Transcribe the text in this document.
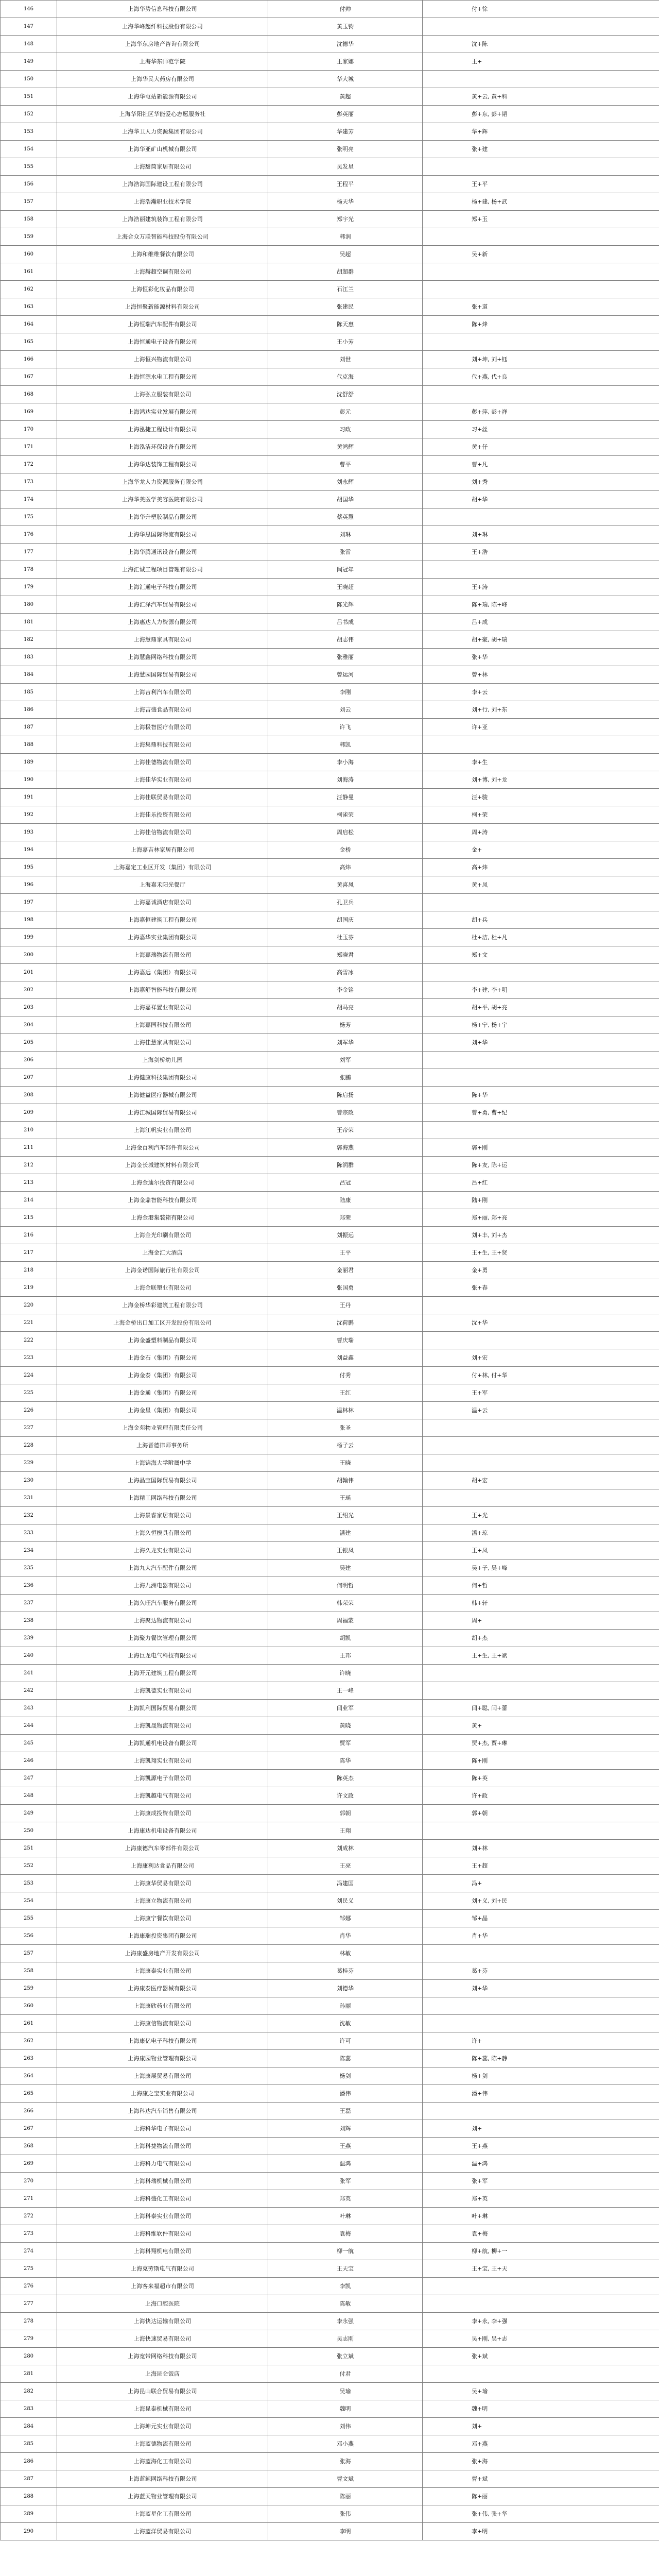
146	上海华势信息科技有限公司	付帅	付+徐
147	上海华峰超纤科技股份有限公司	黄玉钧	
148	上海华东房地产咨询有限公司	沈德华	沈+陈
149	上海华东师范学院	王家娜	王+
150	上海华民大药房有限公司	华大城	
151	上海华屯站新能源有限公司	黄超	黄+云, 黄+科
152	上海华阳社区华能爱心志愿服务社	彭英丽	彭+东, 彭+韬
153	上海华卫人力资源集团有限公司	华建芳	华+辉
154	上海华亚矿山机械有限公司	张明亮	张+建
155	上海甜筒家居有限公司	吴发星	
156	上海浩海国际建设工程有限公司	王程平	王+平
157	上海浩瀚职业技术学院	杨天华	杨+建, 杨+武
158	上海浩丽建筑装饰工程有限公司	郑宇光	郑+玉
159	上海合众万联智能科技股份有限公司	韩润	
160	上海和维维餐饮有限公司	吴超	吴+新
161	上海赫超空调有限公司	胡超群	
162	上海恒彩化妆品有限公司	石江兰	
163	上海恒聚新能源材料有限公司	张建民	张+道
164	上海恒瑞汽车配件有限公司	陈天惠	陈+烽
165	上海恒通电子设备有限公司	王小芳	
166	上海恒兴物流有限公司	刘世	刘+坤, 刘+钰
167	上海恒源水电工程有限公司	代克海	代+燕, 代+良
168	上海弘立服装有限公司	沈舒舒	
169	上海鸿达实业发展有限公司	彭元	彭+萍, 彭+祥
170	上海泓捷工程设计有限公司	习政	习+丝
171	上海泓洁环保设备有限公司	黄鸿辉	黄+仔
172	上海华达装饰工程有限公司	曹平	曹+凡
173	上海华龙人力资源服务有限公司	刘永辉	刘+秀
174	上海华美医学美容医院有限公司	胡国华	胡+华
175	上海华升塑胶制品有限公司	蔡英慧	
176	上海华思国际物流有限公司	刘琳	刘+琳
177	上海华腾通讯设备有限公司	张雷	王+浩
178	上海汇诚工程项目管理有限公司	闫冠年	
179	上海汇通电子科技有限公司	王晓超	王+涛
180	上海汇泽汽车贸易有限公司	陈光辉	陈+瑞, 陈+峰
181	上海惠达人力资源有限公司	吕书成	吕+成
182	上海慧鼎家具有限公司	胡志伟	胡+豪, 胡+瑞
183	上海慧鑫网络科技有限公司	张雅丽	张+华
184	上海慧园国际贸易有限公司	曾运河	曾+林
185	上海吉利汽车有限公司	李刚	李+云
186	上海吉盛食品有限公司	刘云	刘+行, 刘+东
187	上海极智医疗有限公司	许飞	许+亚
188	上海集鼎科技有限公司	韩凯	
189	上海佳德物流有限公司	李小海	李+生
190	上海佳华实业有限公司	刘海涛	刘+博, 刘+龙
191	上海佳联贸易有限公司	汪静曼	汪+骏
192	上海佳乐投资有限公司	柯雀荣	柯+荣
193	上海佳信物流有限公司	周启松	周+涛
194	上海嘉吉林家居有限公司	金桥	金+
195	上海嘉定工业区开发（集团）有限公司	高炜	高+炜
196	上海嘉禾阳光餐厅	黄喜凤	黄+凤
197	上海嘉诚酒店有限公司	孔卫兵	
198	上海嘉恒建筑工程有限公司	胡国庆	胡+兵
199	上海嘉华实业集团有限公司	杜玉芬	杜+洁, 杜+凡
200	上海嘉瑞物流有限公司	郑晓君	郑+文
201	上海嘉远（集团）有限公司	高雪冰	
202	上海嘉舒智能科技有限公司	李金铭	李+建, 李+明
203	上海嘉祥置业有限公司	胡马亮	胡+平, 胡+亮
204	上海嘉园科技有限公司	杨芳	杨+宁, 杨+宇
205	上海佳慧家具有限公司	刘军华	刘+华
206	上海剑桥幼儿园	刘军	
207	上海健康科技集团有限公司	张鹏	
208	上海健益医疗器械有限公司	陈启扬	陈+华
209	上海江城国际贸易有限公司	曹宗政	曹+勇, 曹+纪
210	上海江帆实业有限公司	王帝荣	
211	上海金百利汽车部件有限公司	郭海燕	郭+刚
212	上海金长城建筑材料有限公司	陈润群	陈+友, 陈+运
213	上海金迪尔投资有限公司	吕冠	吕+红
214	上海金鼎智能科技有限公司	陆康	陆+刚
215	上海金港集装箱有限公司	郑荣	郑+丽, 郑+亮
216	上海金光印刷有限公司	刘振远	刘+丰, 刘+杰
217	上海金汇大酒店	王平	王+生, 王+贤
218	上海金诺国际旅行社有限公司	金丽君	金+勇
219	上海金联塑业有限公司	张国勇	张+春
220	上海金桥华彩建筑工程有限公司	王丹	
221	上海金桥出口加工区开发股份有限公司	沈荷鹏	沈+华
222	上海金盛塑料制品有限公司	曹庆瑞	
223	上海金石（集团）有限公司	刘益鑫	刘+宏
224	上海金泰（集团）有限公司	付秀	付+林, 付+华
225	上海金通（集团）有限公司	王红	王+军
226	上海金星（集团）有限公司	温林林	温+云
227	上海金苑物业管理有限责任公司	张圣	
228	上海晋德律师事务所	杨子云	
229	上海锦海大学附属中学	王晓	
230	上海晶宝国际贸易有限公司	胡翰伟	胡+宏
231	上海精工网络科技有限公司	王瑶	
232	上海景睿家居有限公司	王绍光	王+光
233	上海久恒模具有限公司	潘建	潘+琼
234	上海久龙实业有限公司	王银凤	王+凤
235	上海九大汽车配件有限公司	吴建	吴+子, 吴+峰
236	上海九洲电器有限公司	何明哲	何+哲
237	上海久旺汽车服务有限公司	韩荣荣	韩+轩
238	上海聚达物流有限公司	周福蒙	周+
239	上海聚力餐饮管理有限公司	胡凯	胡+杰
240	上海巨龙电气科技有限公司	王邦	王+生, 王+斌
241	上海开元建筑工程有限公司	许晓	
242	上海凯德实业有限公司	王一峰	
243	上海凯利国际贸易有限公司	闫业军	闫+聪, 闫+蕾
244	上海凯晟物流有限公司	黄晓	黄+
245	上海凯通机电设备有限公司	贾军	贾+杰, 贾+琳
246	上海凯翔实业有限公司	陈华	陈+刚
247	上海凯源电子有限公司	陈英杰	陈+英
248	上海凯越电气有限公司	许文政	许+政
249	上海康成投资有限公司	郭朝	郭+朝
250	上海康达机电设备有限公司	王翔	
251	上海康德汽车零部件有限公司	刘成林	刘+林
252	上海康利达食品有限公司	王亮	王+超
253	上海康华贸易有限公司	冯建国	冯+
254	上海康立物流有限公司	刘民义	刘+义, 刘+民
255	上海康宁餐饮有限公司	邹娜	邹+晶
256	上海康瑞投资集团有限公司	肖华	肖+华
257	上海康盛房地产开发有限公司	林敏	
258	上海康泰实业有限公司	葛桂芬	葛+芬
259	上海康泰医疗器械有限公司	刘德华	刘+华
260	上海康欣药业有限公司	孙丽	
261	上海康信物流有限公司	沈敏	
262	上海康亿电子科技有限公司	许可	许+
263	上海康园物业管理有限公司	陈蕊	陈+蕊, 陈+静
264	上海康展贸易有限公司	杨剑	杨+剑
265	上海康之宝实业有限公司	潘伟	潘+伟
266	上海科达汽车销售有限公司	王磊	
267	上海科华电子有限公司	刘辉	刘+
268	上海科捷物流有限公司	王燕	王+燕
269	上海科力电气有限公司	温鸿	温+鸿
270	上海科瑞机械有限公司	张军	张+军
271	上海科盛化工有限公司	郑英	郑+英
272	上海科泰实业有限公司	叶琳	叶+琳
273	上海科维软件有限公司	袁梅	袁+梅
274	上海科翔机电有限公司	柳一航	柳+航, 柳+一
275	上海克劳斯电气有限公司	王天宝	王+宝, 王+天
276	上海客来福超市有限公司	李凯	
277	上海口腔医院	陈敏	
278	上海快达运输有限公司	李永强	李+永, 李+强
279	上海快速贸易有限公司	吴志刚	吴+刚, 吴+志
280	上海宽带网络科技有限公司	张立斌	张+斌
281	上海昆仑饭店	付君	
282	上海昆山联合贸易有限公司	吴瑜	吴+瑜
283	上海昆泰机械有限公司	魏明	魏+明
284	上海坤元实业有限公司	刘伟	刘+
285	上海蓝德物流有限公司	邓小燕	邓+燕
286	上海蓝海化工有限公司	张海	张+海
287	上海蓝鲸网络科技有限公司	曹文斌	曹+斌
288	上海蓝天物业管理有限公司	陈丽	陈+丽
289	上海蓝星化工有限公司	张伟	张+伟, 张+华
290	上海蓝洋贸易有限公司	李明	李+明
